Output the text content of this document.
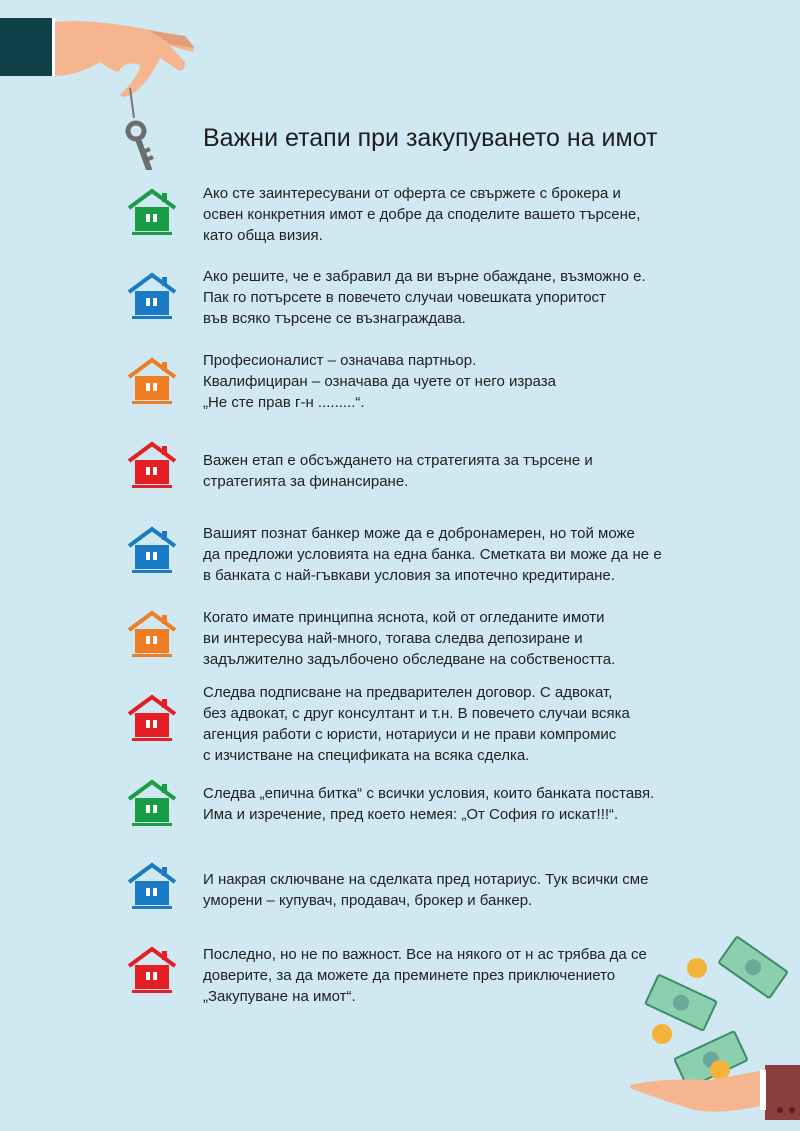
Важни етапи при закупуването на имот
Ако сте заинтересувани от оферта се свържете с брокера и
освен конкретния имот е добре да споделите вашето търсене,
като обща визия.
Ако решите, че е забравил да ви върне обаждане, възможно е.
Пак го потърсете в повечето случаи човешката упоритост
във всяко търсене се възнаграждава.
Професионалист – означава партньор.
Квалифициран – означава да чуете от него израза
„Не сте прав г-н .........“.
Важен етап е обсъждането на стратегията за търсене и
стратегията за финансиране.
Вашият познат банкер може да е добронамерен, но той може
да предложи условията на една банка. Сметката ви може да не е
в банката с най-гъвкави условия за ипотечно кредитиране.
Когато имате принципна яснота, кой от огледаните имоти
ви интересува най-много, тогава следва депозиране и
задължително задълбочено обследване на собствеността.
Следва подписване на предварителен договор. С адвокат,
без адвокат, с друг консултант и т.н. В повечето случаи всяка
агенция работи с юристи, нотариуси и не прави компромис
с изчистване на спецификата на всяка сделка.
Следва „епична битка“ с всички условия, които банката поставя.
Има и изречение, пред което немея: „От София го искат!!!“.
И накрая сключване на сделката пред нотариус. Тук всички сме
уморени – купувач, продавач, брокер и банкер.
Последно, но не по важност. Все на някого от н ас трябва да се
доверите, за да можете да преминете през приключението
„Закупуване на имот“.
